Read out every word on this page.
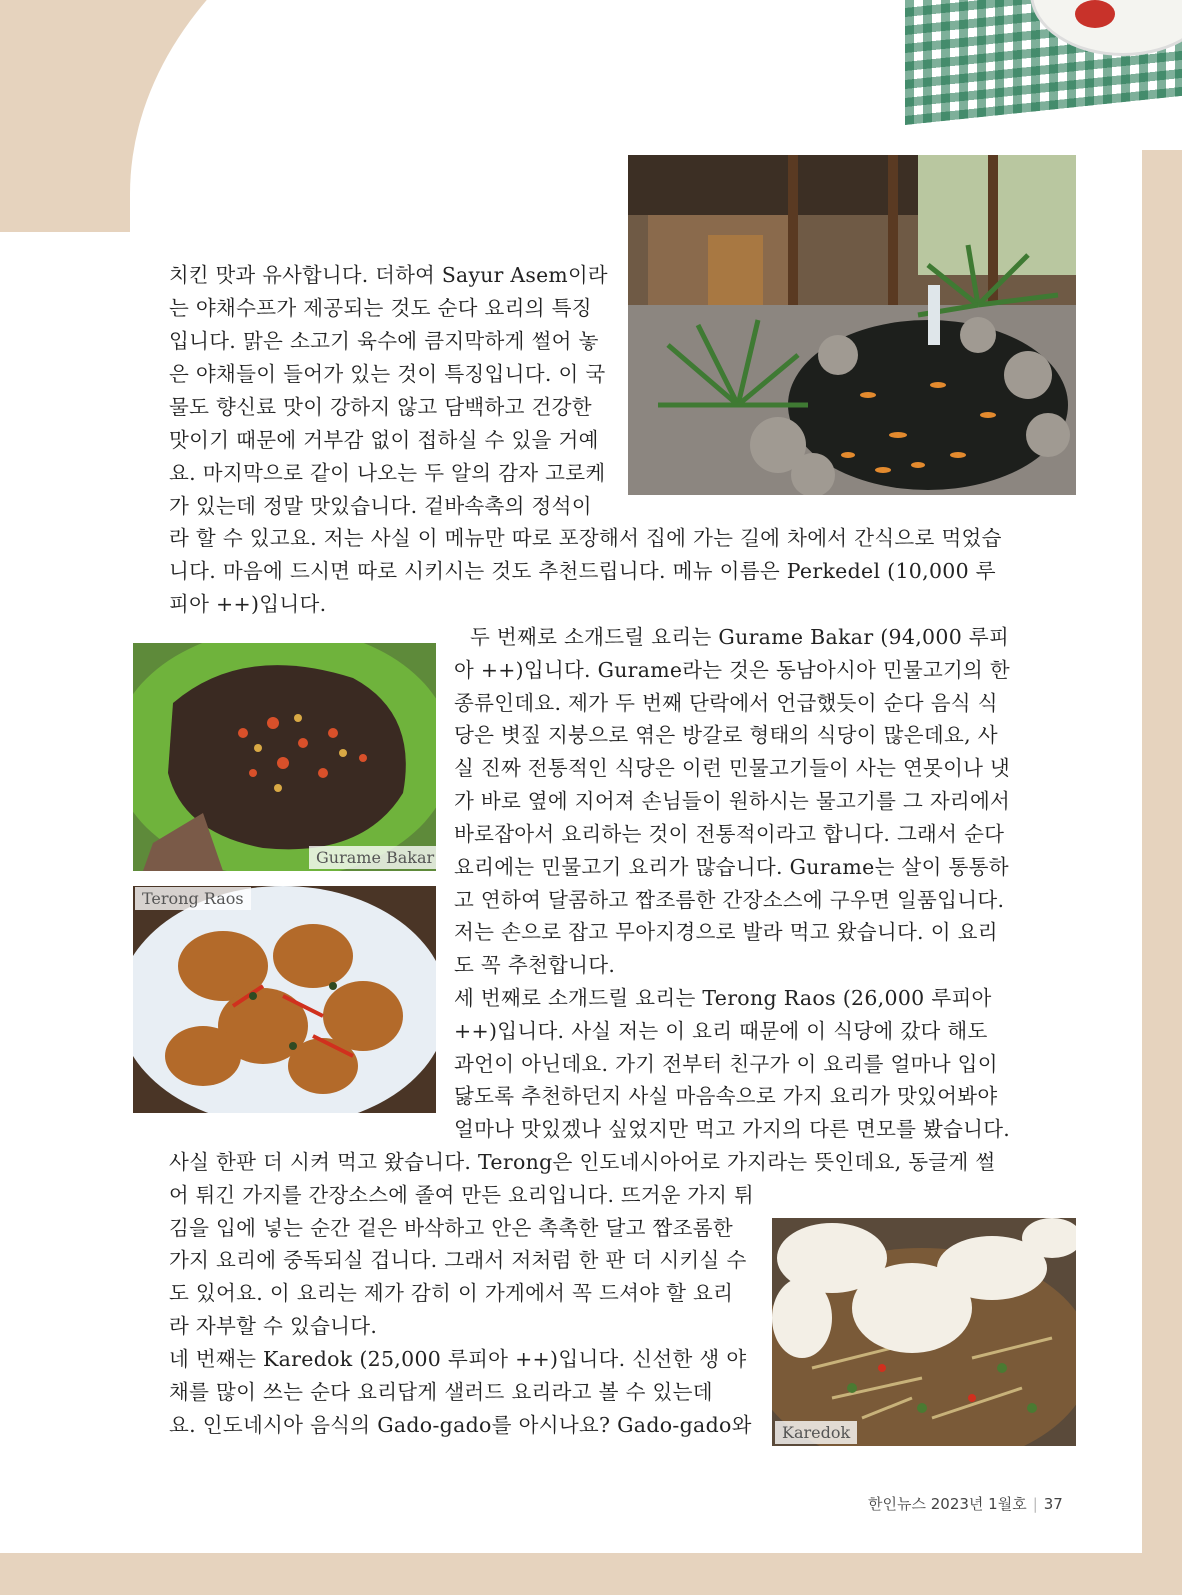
Gurame Bakar
Terong Raos
Karedok
치킨 맛과 유사합니다. 더하여 Sayur Asem이라
는 야채수프가 제공되는 것도 순다 요리의 특징
입니다. 맑은 소고기 육수에 큼지막하게 썰어 놓
은 야채들이 들어가 있는 것이 특징입니다. 이 국
물도 향신료 맛이 강하지 않고 담백하고 건강한
맛이기 때문에 거부감 없이 접하실 수 있을 거예
요. 마지막으로 같이 나오는 두 알의 감자 고로케
가 있는데 정말 맛있습니다. 겉바속촉의 정석이
라 할 수 있고요. 저는 사실 이 메뉴만 따로 포장해서 집에 가는 길에 차에서 간식으로 먹었습
니다. 마음에 드시면 따로 시키시는 것도 추천드립니다. 메뉴 이름은 Perkedel (10,000 루
피아 ++)입니다.
두 번째로 소개드릴 요리는 Gurame Bakar (94,000 루피
아 ++)입니다. Gurame라는 것은 동남아시아 민물고기의 한
종류인데요. 제가 두 번째 단락에서 언급했듯이 순다 음식 식
당은 볏짚 지붕으로 엮은 방갈로 형태의 식당이 많은데요, 사
실 진짜 전통적인 식당은 이런 민물고기들이 사는 연못이나 냇
가 바로 옆에 지어져 손님들이 원하시는 물고기를 그 자리에서
바로잡아서 요리하는 것이 전통적이라고 합니다. 그래서 순다
요리에는 민물고기 요리가 많습니다. Gurame는 살이 통통하
고 연하여 달콤하고 짭조름한 간장소스에 구우면 일품입니다.
저는 손으로 잡고 무아지경으로 발라 먹고 왔습니다. 이 요리
도 꼭 추천합니다.
세 번째로 소개드릴 요리는 Terong Raos (26,000 루피아
++)입니다. 사실 저는 이 요리 때문에 이 식당에 갔다 해도
과언이 아닌데요. 가기 전부터 친구가 이 요리를 얼마나 입이
닳도록 추천하던지 사실 마음속으로 가지 요리가 맛있어봐야
얼마나 맛있겠나 싶었지만 먹고 가지의 다른 면모를 봤습니다.
사실 한판 더 시켜 먹고 왔습니다. Terong은 인도네시아어로 가지라는 뜻인데요, 동글게 썰
어 튀긴 가지를 간장소스에 졸여 만든 요리입니다. 뜨거운 가지 튀
김을 입에 넣는 순간 겉은 바삭하고 안은 촉촉한 달고 짭조롬한
가지 요리에 중독되실 겁니다. 그래서 저처럼 한 판 더 시키실 수
도 있어요. 이 요리는 제가 감히 이 가게에서 꼭 드셔야 할 요리
라 자부할 수 있습니다.
네 번째는 Karedok (25,000 루피아 ++)입니다. 신선한 생 야
채를 많이 쓰는 순다 요리답게 샐러드 요리라고 볼 수 있는데
요. 인도네시아 음식의 Gado-gado를 아시나요? Gado-gado와
한인뉴스 2023년 1월호 | 37
